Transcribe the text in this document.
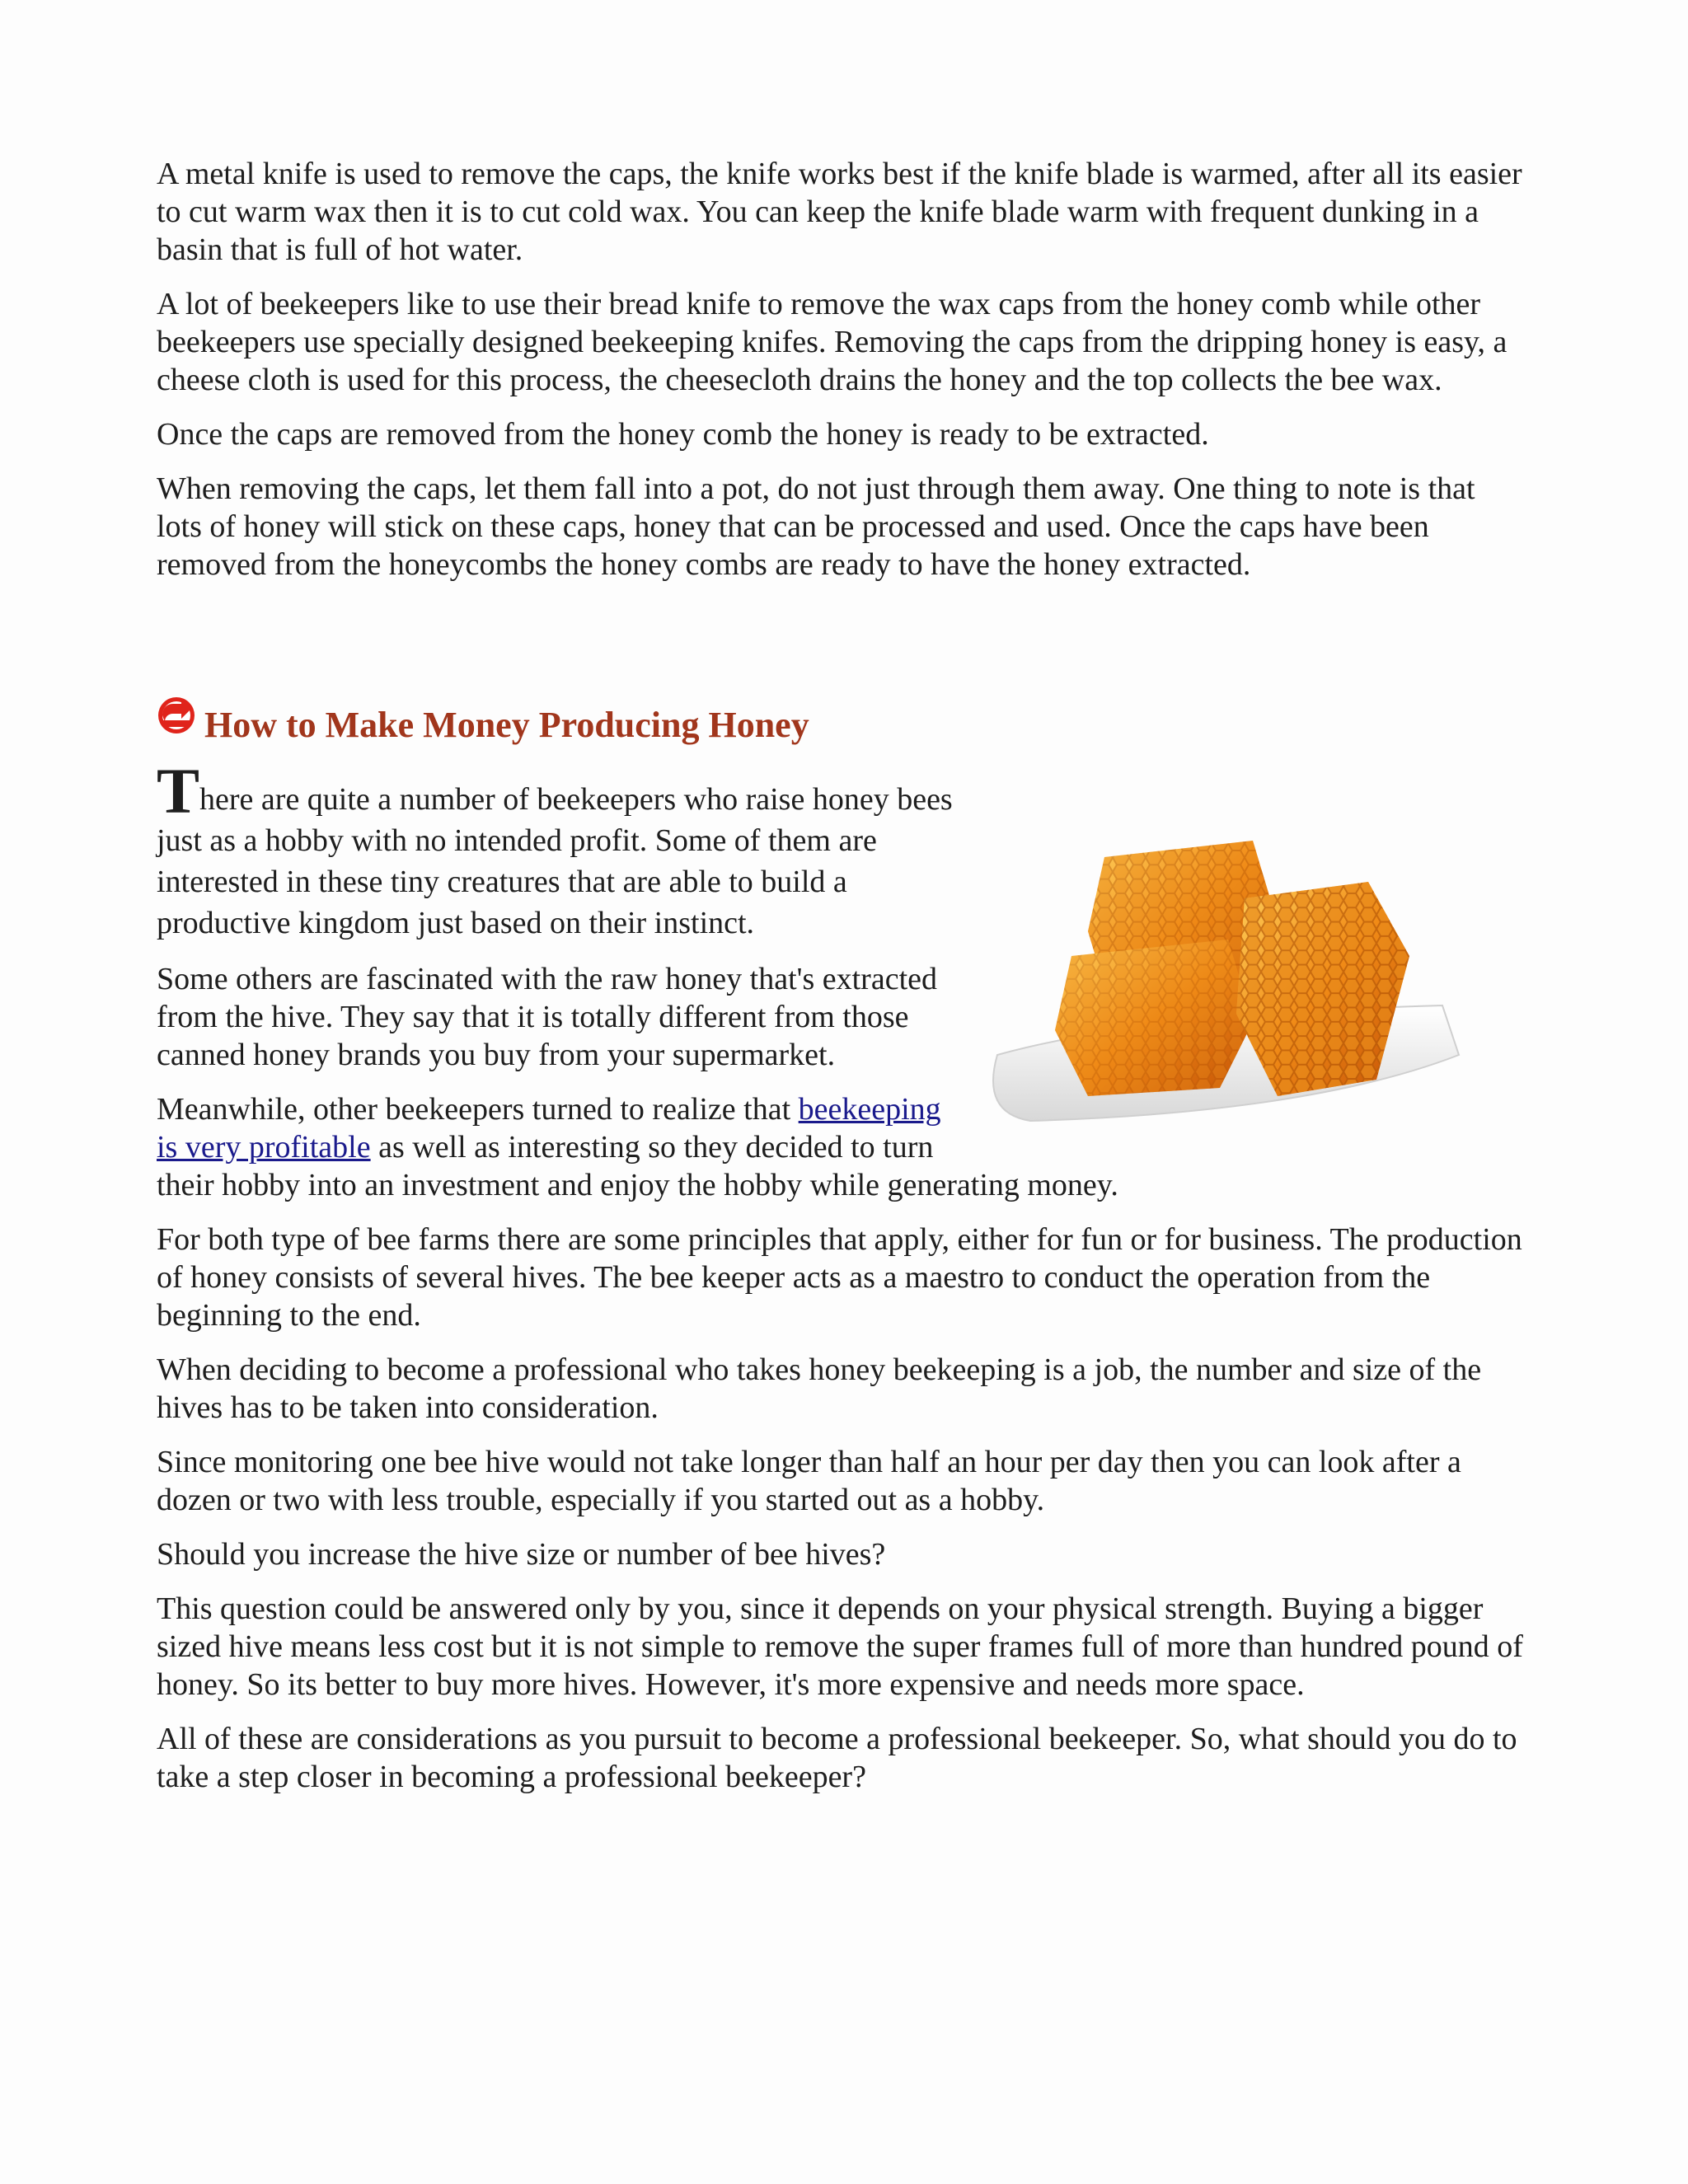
A metal knife is used to remove the caps, the knife works best if the knife blade is warmed, after all its easier to cut warm wax then it is to cut cold wax. You can keep the knife blade warm with frequent dunking in a basin that is full of hot water.

A lot of beekeepers like to use their bread knife to remove the wax caps from the honey comb while other beekeepers use specially designed beekeeping knifes. Removing the caps from the dripping honey is easy, a cheese cloth is used for this process, the cheesecloth drains the honey and the top collects the bee wax.

Once the caps are removed from the honey comb the honey is ready to be extracted.

When removing the caps, let them fall into a pot, do not just through them away. One thing to note is that lots of honey will stick on these caps, honey that can be processed and used. Once the caps have been removed from the honeycombs the honey combs are ready to have the honey extracted.

How to Make Money Producing Honey

There are quite a number of beekeepers who raise honey bees just as a hobby with no intended profit. Some of them are interested in these tiny creatures that are able to build a productive kingdom just based on their instinct.

Some others are fascinated with the raw honey that's extracted from the hive. They say that it is totally different from those canned honey brands you buy from your supermarket.

Meanwhile, other beekeepers turned to realize that beekeeping is very profitable as well as interesting so they decided to turn their hobby into an investment and enjoy the hobby while generating money.

For both type of bee farms there are some principles that apply, either for fun or for business. The production of honey consists of several hives. The bee keeper acts as a maestro to conduct the operation from the beginning to the end.

When deciding to become a professional who takes honey beekeeping is a job, the number and size of the hives has to be taken into consideration.

Since monitoring one bee hive would not take longer than half an hour per day then you can look after a dozen or two with less trouble, especially if you started out as a hobby.

Should you increase the hive size or number of bee hives?

This question could be answered only by you, since it depends on your physical strength. Buying a bigger sized hive means less cost but it is not simple to remove the super frames full of more than hundred pound of honey. So its better to buy more hives. However, it's more expensive and needs more space.

All of these are considerations as you pursuit to become a professional beekeeper. So, what should you do to take a step closer in becoming a professional beekeeper?
